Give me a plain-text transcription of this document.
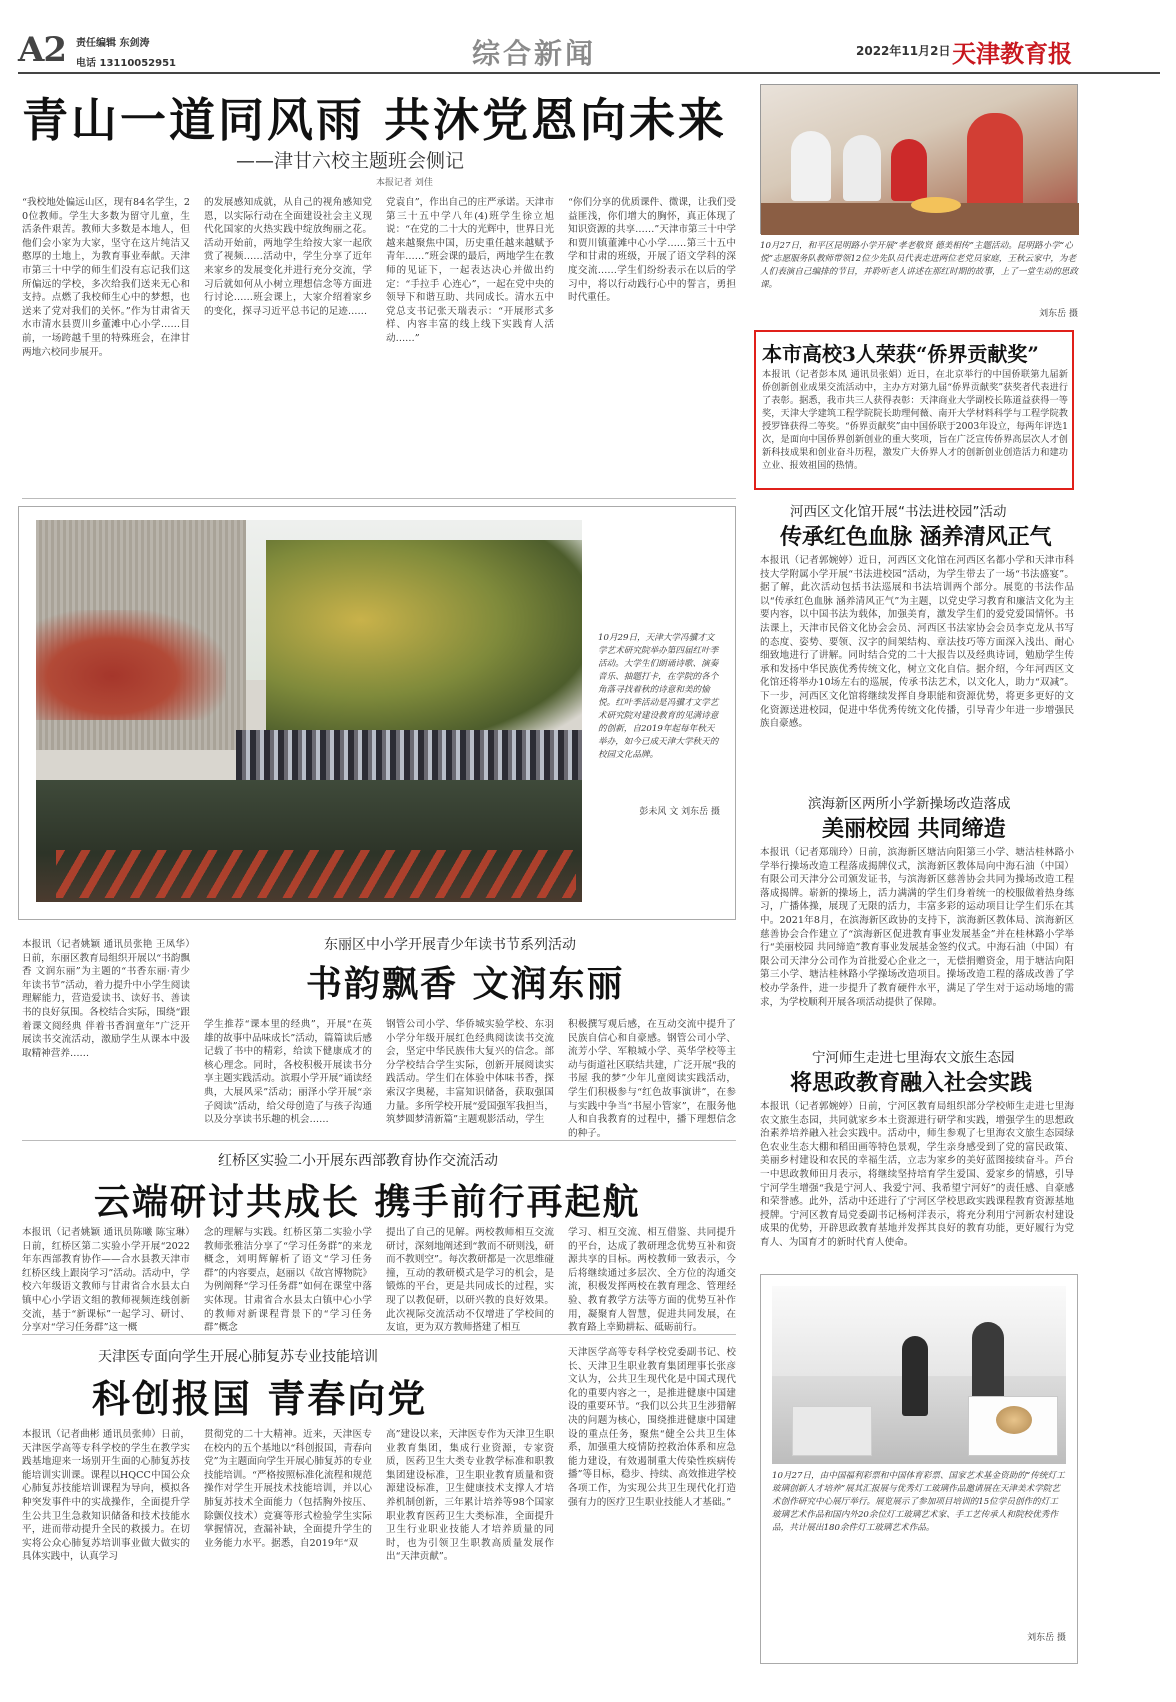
A2 责任编辑 东剑涛
电话 13110052951	综合新闻	2022年11月2日 天津教育报
青山一道同风雨 共沐党恩向未来
——津甘六校主题班会侧记
本报记者 刘佳
“我校地处偏远山区，现有84名学生，20位教师。学生大多数为留守儿童，生活条件艰苦。教师大多数是本地人，但他们会小家为大家，坚守在这片纯洁又憨厚的土地上，为教育事业奉献。天津市第三十中学的师生们没有忘记我们这所偏远的学校，多次给我们送来无心和支持。点燃了我校师生心中的梦想，也送来了党对我们的关怀。”作为甘肃省天水市清水县贾川乡董滩中心小学……目前，一场跨越千里的特殊班会，在津甘两地六校同步展开。
的发展感知成就，从自己的视角感知党恩，以实际行动在全面建设社会主义现代化国家的火热实践中绽放绚丽之花。活动开始前，两地学生给按大家一起欣赏了视频……活动中，学生分享了近年来家乡的发展变化并进行充分交流，学习后就如何从小树立理想信念等方面进行讨论……班会课上，大家介绍着家乡的变化，探寻习近平总书记的足迹……
党袁自”，作出自己的庄严承诺。天津市第三十五中学八年(4)班学生徐立旭说：“在党的二十大的光辉中，世界日光越来越聚焦中国，历史重任越来越赋予青年……”班会课的最后，两地学生在教师的见证下，一起表达决心并做出约定：“手拉手 心连心”，一起在党中央的领导下和谐互助、共同成长。清水五中党总支书记张天瑞表示：“开展形式多样、内容丰富的线上线下实践育人活动……”
“你们分享的优质课件、微课，让我们受益匪浅，你们增大的胸怀，真正体现了知识资源的共享……”天津市第三十中学和贾川镇董滩中心小学……第三十五中学和甘肃的班级，开展了语文学科的深度交流……学生们纷纷表示在以后的学习中，将以行动践行心中的誓言，勇担时代重任。
10月27日，和平区昆明路小学开展“孝老敬贤 德美相传”主题活动。昆明路小学“心悦”志愿服务队教师带领12位少先队员代表走进两位老党员家庭，王秋云家中，为老人们表演自己编排的节目，并聆听老人讲述在那红时期的故事，上了一堂生动的思政课。
刘东岳 摄
本市高校3人荣获“侨界贡献奖”
本报讯（记者彭本凤 通讯员张娟）近日，在北京举行的中国侨联第九届新侨创新创业成果交流活动中，主办方对第九届“侨界贡献奖”获奖者代表进行了表彰。据悉，我市共三人获得表彰：天津商业大学副校长陈道益获得一等奖，天津大学建筑工程学院院长助理何薇、南开大学材料科学与工程学院教授罗锋获得二等奖。“侨界贡献奖”由中国侨联于2003年设立，每两年评选1次，是面向中国侨界创新创业的重大奖项，旨在广泛宣传侨界高层次人才创新科技成果和创业奋斗历程，激发广大侨界人才的创新创业创造活力和建功立业、报效祖国的热情。
10月29日，天津大学冯骥才文学艺术研究院举办第四届红叶季活动。大学生们朗诵诗歌、演奏音乐、抽题打卡，在学院的各个角落寻找着秋的诗意和美的愉悦。红叶季活动是冯骥才文学艺术研究院对建设教育的见满诗意的创新，自2019年起每年秋天举办，如今已成天津大学秋天的校园文化品牌。
彭未风 文 刘东岳 摄
河西区文化馆开展“书法进校园”活动
传承红色血脉 涵养清风正气
本报讯（记者郭婉婷）近日，河西区文化馆在河西区名都小学和天津市科技大学附属小学开展“书法进校园”活动，为学生带去了一场“书法盛宴”。据了解，此次活动包括书法巡展和书法培训两个部分。展览的书法作品以“传承红色血脉 涵养清风正气”为主题，以党史学习教育和廉洁文化为主要内容，以中国书法为载体，加强美育，激发学生们的爱党爱国情怀。书法课上，天津市民俗文化协会会员、河西区书法家协会会员李克龙从书写的态度、姿势、要领、汉字的间架结构、章法技巧等方面深入浅出、耐心细致地进行了讲解。同时结合党的二十大报告以及经典诗词，勉励学生传承和发扬中华民族优秀传统文化，树立文化自信。据介绍，今年河西区文化馆还将举办10场左右的巡展，传承书法艺术，以文化人，助力“双减”。下一步，河西区文化馆将继续发挥自身职能和资源优势，将更多更好的文化资源送进校园，促进中华优秀传统文化传播，引导青少年进一步增强民族自豪感。
滨海新区两所小学新操场改造落成
美丽校园 共同缔造
本报讯（记者郑瑞玲）日前，滨海新区塘沽向阳第三小学、塘沽桂林路小学举行操场改造工程落成揭牌仪式，滨海新区教体局向中海石油（中国）有限公司天津分公司颁发证书，与滨海新区慈善协会共同为操场改造工程落成揭牌。崭新的操场上，活力满满的学生们身着统一的校服做着热身练习，广播体操，展现了无限的活力，丰富多彩的运动项目让学生们乐在其中。2021年8月，在滨海新区政协的支持下，滨海新区教体局、滨海新区慈善协会合作建立了“滨海新区促进教育事业发展基金”并在桂林路小学举行“美丽校园 共同缔造”教育事业发展基金签约仪式。中海石油（中国）有限公司天津分公司作为首批爱心企业之一，无偿捐赠资金，用于塘沽向阳第三小学、塘沽桂林路小学操场改造项目。操场改造工程的落成改善了学校办学条件，进一步提升了教育硬件水平，满足了学生对于运动场地的需求，为学校顺利开展各项活动提供了保障。
东丽区中小学开展青少年读书节系列活动
书韵飘香 文润东丽
本报讯（记者姚颖 通讯员张艳 王凤华）日前，东丽区教育局组织开展以“书韵飘香 文润东丽”为主题的“书香东丽·青少年读书节”活动，着力提升中小学生阅读理解能力，营造爱读书、读好书、善读书的良好氛围。各校结合实际，围绕“跟着课文阅经典 伴着书香润童年”广泛开展读书交流活动，激励学生从课本中汲取精神营养……
学生推荐“课本里的经典”，开展“在英雄的故事中品味成长”活动，篇篇读后感记载了书中的精彩，给读下健康成才的核心理念。同时，各校积极开展读书分享主题实践活动。滨瑕小学开展“诵读经典，大展风采”活动；丽泽小学开展“亲子阅读”活动，给父母创造了与孩子沟通以及分享读书乐趣的机会……
钢管公司小学、华侨城实验学校、东羽小学分年级开展红色经典阅读读书交流会，坚定中华民族伟大复兴的信念。部分学校结合学生实际，创新开展阅读实践活动。学生们在体验中体味书香，探索汉字奥秘，丰富知识储备，获取强国力量。多所学校开展“爱国强军我担当，筑梦圆梦清新篇”主题观影活动，学生
积极撰写观后感，在互动交流中提升了民族自信心和自豪感。钢管公司小学、流芳小学、军粮城小学、英华学校等主动与街道社区联结共建，广泛开展“我的书屋 我的梦”少年儿童阅读实践活动，学生们积极参与“红色故事演讲”，在参与实践中争当“书屋小管家”，在服务他人和自我教育的过程中，播下理想信念的种子。
宁河师生走进七里海农文旅生态园
将思政教育融入社会实践
本报讯（记者郭婉婷）日前，宁河区教育局组织部分学校师生走进七里海农文旅生态园，共同就家乡本土资源进行研学和实践，增强学生的思想政治素养培养融入社会实践中。活动中，师生参观了七里海农文旅生态园绿色农业生态大棚和稻田画等特色景观，学生亲身感受到了党的富民政策、美丽乡村建设和农民的幸福生活，立志为家乡的美好蓝图接续奋斗。芦台一中思政教师田月表示，将继续坚持培育学生爱国、爱家乡的情感，引导宁河学生增强“我是宁河人、我爱宁河、我希望宁河好”的责任感、自豪感和荣誉感。此外，活动中还进行了宁河区学校思政实践课程教育资源基地授牌。宁河区教育局党委副书记杨柯洋表示，将充分利用宁河新农村建设成果的优势，开辟思政教育基地并发挥其良好的教育功能，更好履行为党育人、为国育才的新时代育人使命。
红桥区实验二小开展东西部教育协作交流活动
云端研讨共成长 携手前行再起航
本报讯（记者姚颖 通讯员陈曦 陈宝琳）日前，红桥区第二实验小学开展“2022年东西部教育协作——合水县教天津市红桥区线上跟岗学习”活动。活动中，学校六年级语文教师与甘肃省合水县太白镇中心小学语文组的教师视频连线创新交流，基于“新课标”一起学习、研讨、分享对“学习任务群”这一概
念的理解与实践。红桥区第二实验小学教师张雅洁分享了“学习任务群”的来龙概念，刘明辉解析了语文“学习任务群”的内容要点，赵丽以《故宫博物院》为例阐释“学习任务群”如何在课堂中落实体现。甘肃省合水县太白镇中心小学的教师对新课程背景下的“学习任务群”概念
提出了自己的见解。两校教师相互交流研讨，深刻地阐述到“教而不研则浅，研而不教则空”。每次教研都是一次思维碰撞，互动的教研模式是学习的机会，是锻炼的平台，更是共同成长的过程，实现了以教促研，以研兴教的良好效果。此次视际交流活动不仅增进了学校间的友谊，更为双方教师搭建了相互
学习、相互交流、相互借鉴、共同提升的平台，达成了教研理念优势互补和资源共享的目标。两校教师一致表示，今后将继续通过多层次、全方位的沟通交流，积极发挥两校在教育理念、管理经验、教育教学方法等方面的优势互补作用，凝聚育人智慧，促进共同发展，在教育路上幸勤耕耘、砥砺前行。
天津医专面向学生开展心肺复苏专业技能培训
科创报国 青春向党
本报讯（记者曲彬 通讯员张帅）日前，天津医学高等专科学校的学生在教学实践基地迎来一场别开生面的心肺复苏技能培训实训课。课程以HQCC中国公众心肺复苏技能培训课程为导向，模拟各种突发事件中的实战操作，全面提升学生公共卫生急救知识储备和技术技能水平，进而带动提升全民的救援力。在切实将公众心肺复苏培训事业做大做实的具体实践中，认真学习
贯彻党的二十大精神。近来，天津医专在校内的五个基地以“科创报国，青春向党”为主题面向学生开展心肺复苏的专业技能培训。“严格按照标准化流程和规范操作对学生开展技术技能培训，并以心肺复苏技术全面能力（包括胸外按压、除颤仪技术）竞赛等形式检验学生实际掌握情况，查漏补缺，全面提升学生的业务能力水平。据悉，自2019年“双
高”建设以来，天津医专作为天津卫生职业教育集团，集成行业资源，专家资质，医药卫生大类专业教学标准和职教集团建设标准，卫生职业教育质量和资源建设标准，卫生健康技术支撑人才培养机制创新，三年累计培养等98个国家职业教育医药卫生大类标准，全面提升卫生行业职业技能人才培养质量的同时，也为引领卫生职教高质量发展作出“天津贡献”。
天津医学高等专科学校党委副书记、校长、天津卫生职业教育集团理事长张彦文认为，公共卫生现代化是中国式现代化的重要内容之一，是推进健康中国建设的重要环节。“我们以公共卫生涉猎解决的问题为核心，围绕推进健康中国建设的重点任务，聚焦“健全公共卫生体系，加强重大疫情防控救治体系和应急能力建设，有效遏制重大传染性疾病传播”等目标，稳步、持续、高效推进学校各项工作，为实现公共卫生现代化打造强有力的医疗卫生职业技能人才基础。”
10月27日，由中国福利彩票和中国体育彩票、国家艺术基金资助的“传统灯工玻璃创新人才培养”展其汇报展与优秀灯工玻璃作品邀请展在天津美术学院艺术创作研究中心展厅举行。展览展示了参加项目培训的15位学员创作的灯工玻璃艺术作品和国内外20余位灯工玻璃艺术家、手工艺传承人和院校优秀作品，共计展出180余件灯工玻璃艺术作品。
刘东岳 摄
